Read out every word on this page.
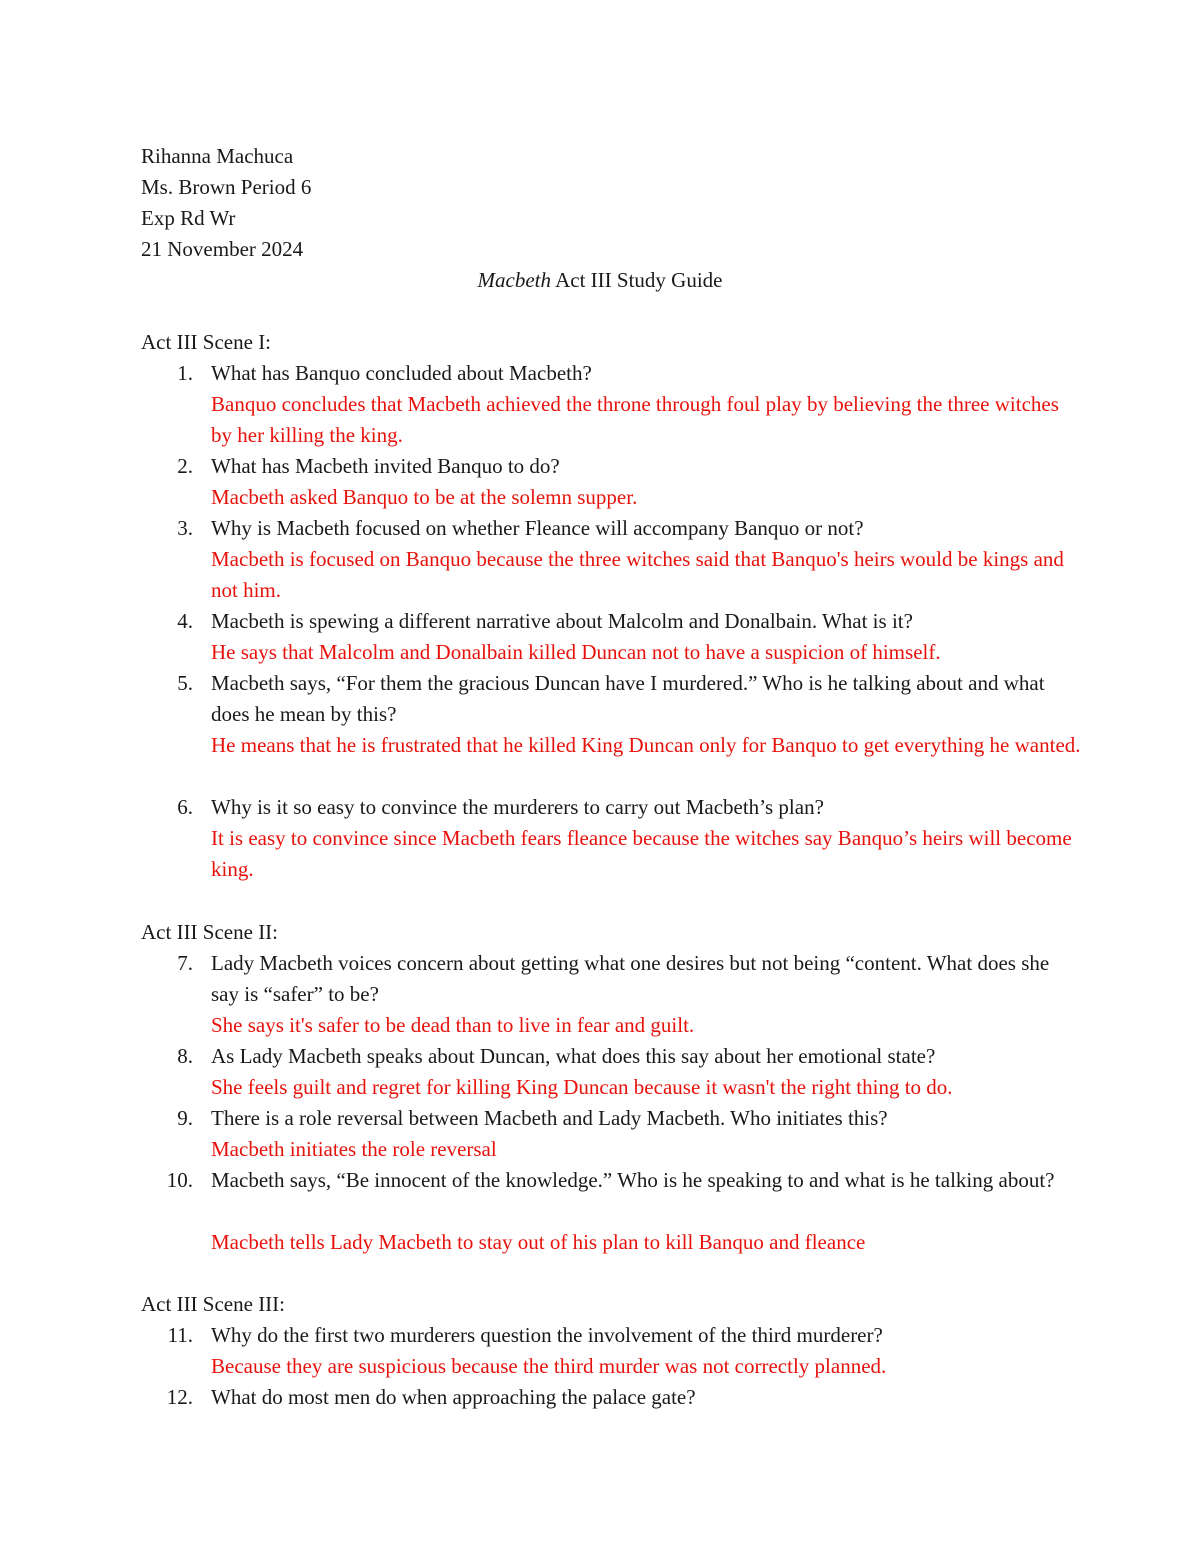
Rihanna Machuca
Ms. Brown Period 6
Exp Rd Wr
21 November 2024
Macbeth Act III Study Guide
Act III Scene I:
1. What has Banquo concluded about Macbeth?
Banquo concludes that Macbeth achieved the throne through foul play by believing the three witches by her killing the king.
2. What has Macbeth invited Banquo to do?
Macbeth asked Banquo to be at the solemn supper.
3. Why is Macbeth focused on whether Fleance will accompany Banquo or not?
Macbeth is focused on Banquo because the three witches said that Banquo's heirs would be kings and not him.
4. Macbeth is spewing a different narrative about Malcolm and Donalbain. What is it?
He says that Malcolm and Donalbain killed Duncan not to have a suspicion of himself.
5. Macbeth says, “For them the gracious Duncan have I murdered.” Who is he talking about and what does he mean by this?
He means that he is frustrated that he killed King Duncan only for Banquo to get everything he wanted.
6. Why is it so easy to convince the murderers to carry out Macbeth’s plan?
It is easy to convince since Macbeth fears fleance because the witches say Banquo’s heirs will become king.
Act III Scene II:
7. Lady Macbeth voices concern about getting what one desires but not being “content. What does she say is “safer” to be?
She says it's safer to be dead than to live in fear and guilt.
8. As Lady Macbeth speaks about Duncan, what does this say about her emotional state?
She feels guilt and regret for killing King Duncan because it wasn't the right thing to do.
9. There is a role reversal between Macbeth and Lady Macbeth. Who initiates this?
Macbeth initiates the role reversal
10. Macbeth says, “Be innocent of the knowledge.” Who is he speaking to and what is he talking about?
Macbeth tells Lady Macbeth to stay out of his plan to kill Banquo and fleance
Act III Scene III:
11. Why do the first two murderers question the involvement of the third murderer?
Because they are suspicious because the third murder was not correctly planned.
12. What do most men do when approaching the palace gate?
